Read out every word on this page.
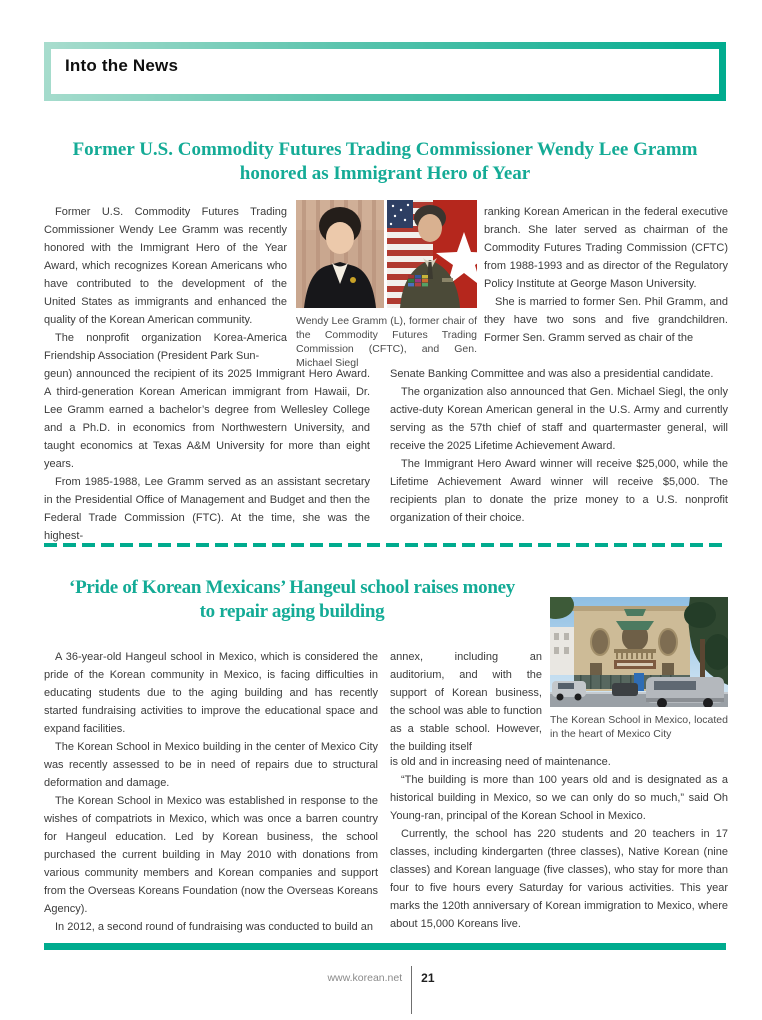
Into the News
Former U.S. Commodity Futures Trading Commissioner Wendy Lee Gramm
honored as Immigrant Hero of Year

Former U.S. Commodity Futures Trading Commissioner Wendy Lee Gramm was recently honored with the Immigrant Hero of the Year Award, which recognizes Korean Americans who have contributed to the development of the United States as immigrants and enhanced the quality of the Korean American community.

The nonprofit organization Korea-America Friendship Association (President Park Sun-

Wendy Lee Gramm (L), former chair of the Commodity Futures Trading Commission (CFTC), and Gen. Michael Siegl

ranking Korean American in the federal executive branch. She later served as chairman of the Commodity Futures Trading Commission (CFTC) from 1988-1993 and as director of the Regulatory Policy Institute at George Mason University.

She is married to former Sen. Phil Gramm, and they have two sons and five grandchildren. Former Sen. Gramm served as chair of the

geun) announced the recipient of its 2025 Immigrant Hero Award. A third-generation Korean American immigrant from Hawaii, Dr. Lee Gramm earned a bachelor’s degree from Wellesley College and a Ph.D. in economics from Northwestern University, and taught economics at Texas A&M University for more than eight years.

From 1985-1988, Lee Gramm served as an assistant secretary in the Presidential Office of Management and Budget and then the Federal Trade Commission (FTC). At the time, she was the highest-

Senate Banking Committee and was also a presidential candidate.

The organization also announced that Gen. Michael Siegl, the only active-duty Korean American general in the U.S. Army and currently serving as the 57th chief of staff and quartermaster general, will receive the 2025 Lifetime Achievement Award.

The Immigrant Hero Award winner will receive $25,000, while the Lifetime Achievement Award winner will receive $5,000. The recipients plan to donate the prize money to a U.S. nonprofit organization of their choice.

‘Pride of Korean Mexicans’ Hangeul school raises money
to repair aging building
The Korean School in Mexico, located in the heart of Mexico City

A 36-year-old Hangeul school in Mexico, which is considered the pride of the Korean community in Mexico, is facing difficulties in educating students due to the aging building and has recently started fundraising activities to improve the educational space and expand facilities.

The Korean School in Mexico building in the center of Mexico City was recently assessed to be in need of repairs due to structural deformation and damage.

The Korean School in Mexico was established in response to the wishes of compatriots in Mexico, which was once a barren country for Hangeul education. Led by Korean business, the school purchased the current building in May 2010 with donations from various community members and Korean companies and support from the Overseas Koreans Foundation (now the Overseas Koreans Agency).

In 2012, a second round of fundraising was conducted to build an

annex, including an auditorium, and with the support of Korean business, the school was able to function as a stable school. However, the building itself

is old and in increasing need of maintenance.

“The building is more than 100 years old and is designated as a historical building in Mexico, so we can only do so much,” said Oh Young-ran, principal of the Korean School in Mexico.

Currently, the school has 220 students and 20 teachers in 17 classes, including kindergarten (three classes), Native Korean (nine classes) and Korean language (five classes), who stay for more than four to five hours every Saturday for various activities. This year marks the 120th anniversary of Korean immigration to Mexico, where about 15,000 Koreans live.

www.korean.net 21
